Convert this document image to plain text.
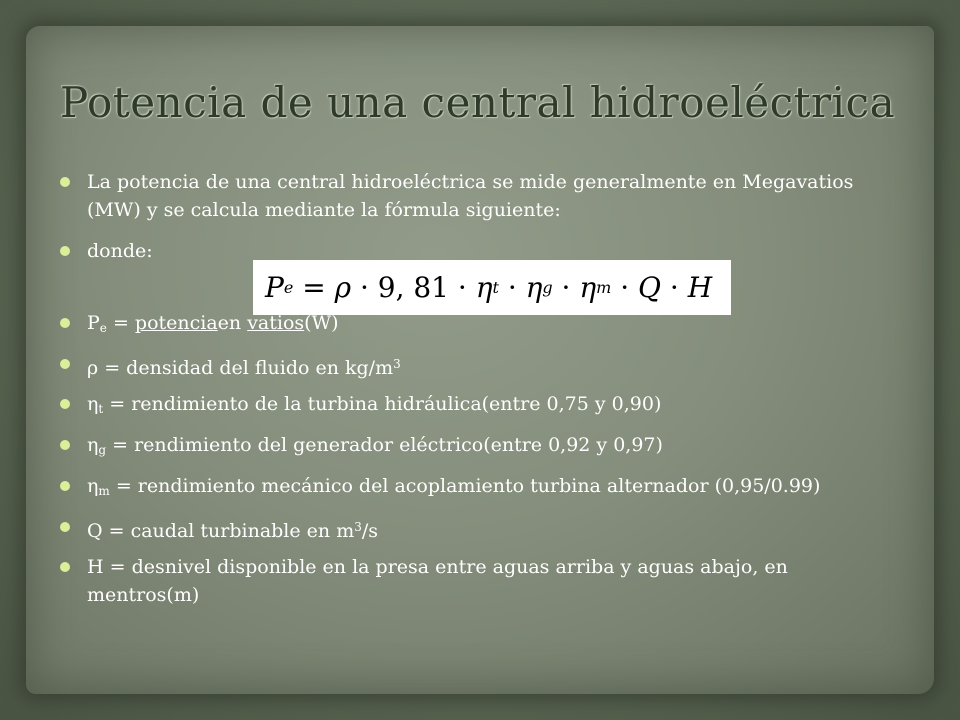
Potencia de una central hidroeléctrica
P e = ρ · 9, 81 · η t · η g · η m · Q · H
La potencia de una central hidroeléctrica se mide generalmente en Megavatios (MW) y se calcula mediante la fórmula siguiente:
donde:
$P_e$ = potenciaen vatios(W)
ρ = densidad del fluido en $kg/m^3$
$\eta_t$ = rendimiento de la turbina hidráulica(entre 0,75 y 0,90)
$\eta_g$ = rendimiento del generador eléctrico(entre 0,92 y 0,97)
$\eta_m$ = rendimiento mecánico del acoplamiento turbina alternador (0,95/0.99)
Q = caudal turbinable en $m^3/s$
H = desnivel disponible en la presa entre aguas arriba y aguas abajo, en mentros(m)
